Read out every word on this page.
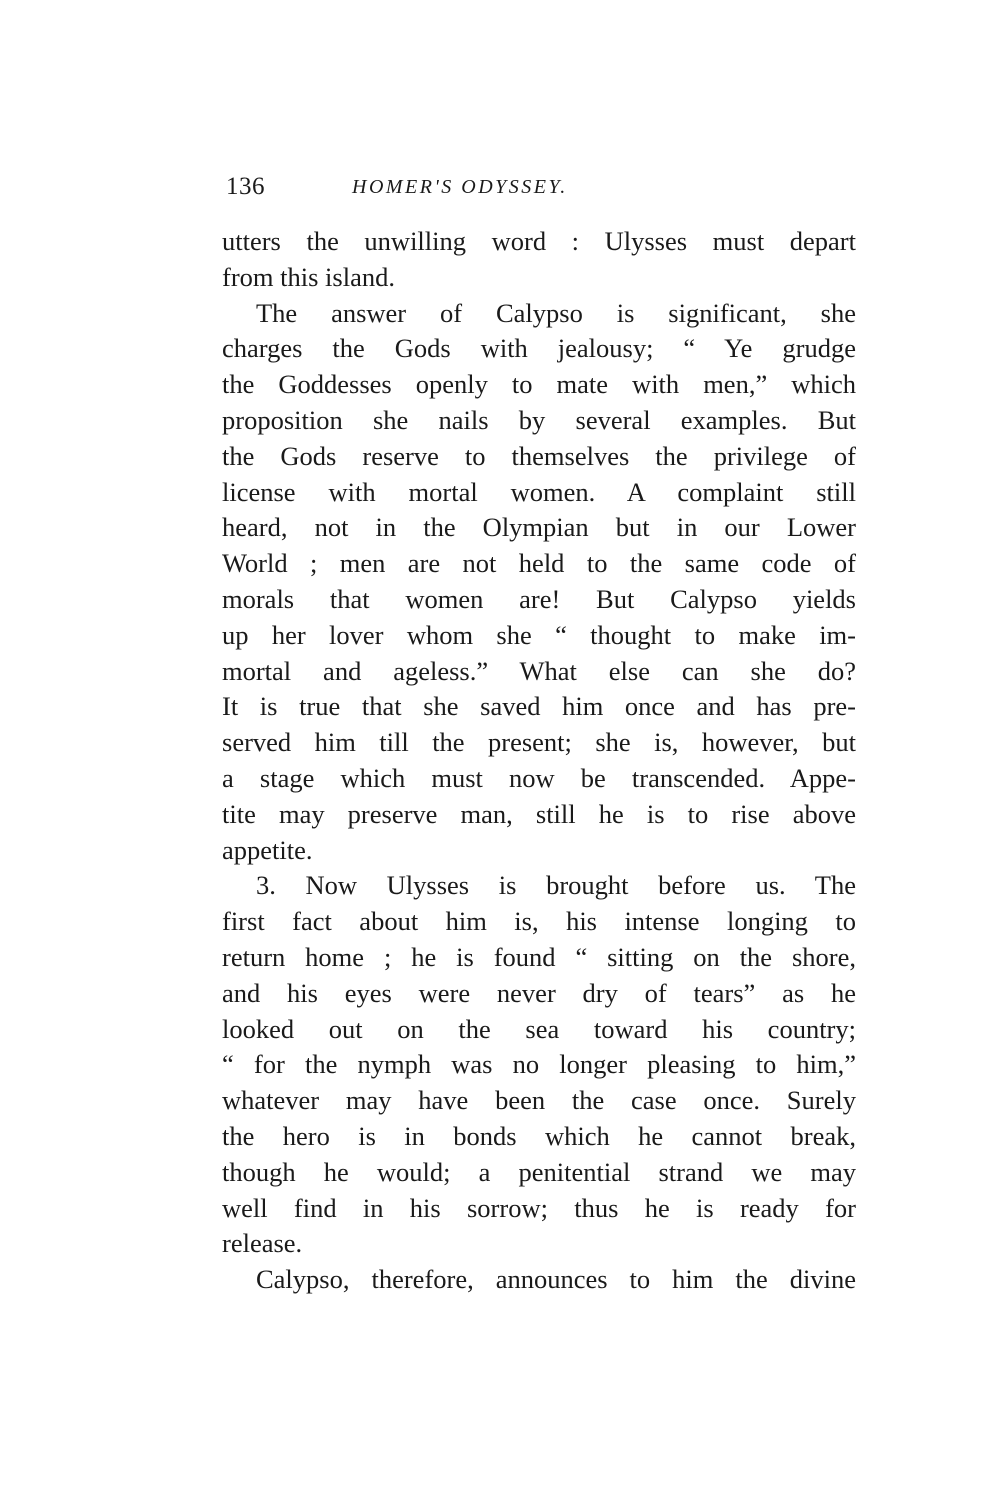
136	HOMER'S ODYSSEY.
utters the unwilling word : Ulysses must depart
from this island.
The answer of Calypso is significant, she
charges the Gods with jealousy; “ Ye grudge
the Goddesses openly to mate with men,” which
proposition she nails by several examples. But
the Gods reserve to themselves the privilege of
license with mortal women. A complaint still
heard, not in the Olympian but in our Lower
World ; men are not held to the same code of
morals that women are! But Calypso yields
up her lover whom she “ thought to make im-
mortal and ageless.” What else can she do?
It is true that she saved him once and has pre-
served him till the present; she is, however, but
a stage which must now be transcended. Appe-
tite may preserve man, still he is to rise above
appetite.
3. Now Ulysses is brought before us. The
first fact about him is, his intense longing to
return home ; he is found “ sitting on the shore,
and his eyes were never dry of tears” as he
looked out on the sea toward his country;
“ for the nymph was no longer pleasing to him,”
whatever may have been the case once. Surely
the hero is in bonds which he cannot break,
though he would; a penitential strand we may
well find in his sorrow; thus he is ready for
release.
Calypso, therefore, announces to him the divine
